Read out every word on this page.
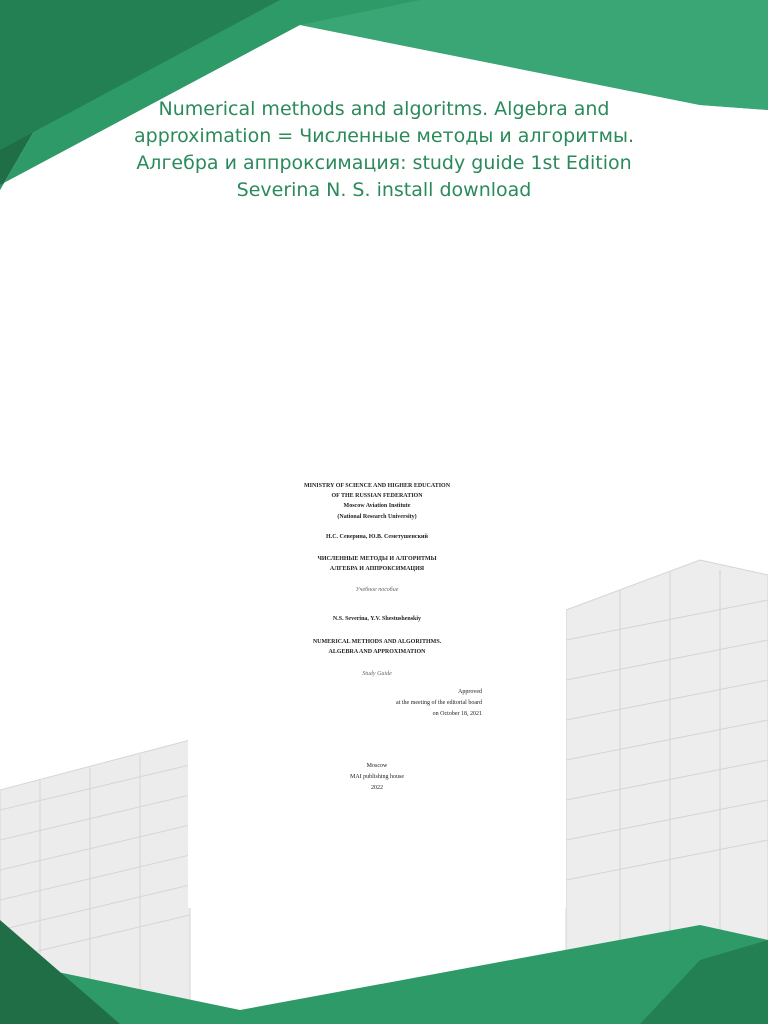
Numerical methods and algoritms. Algebra and
approximation = Численные методы и алгоритмы.
Алгебра и аппроксимация: study guide 1st Edition
Severina N. S. install download
MINISTRY OF SCIENCE AND HIGHER EDUCATION
OF THE RUSSIAN FEDERATION
Moscow Aviation Institute
(National Research University)
Н.С. Северина, Ю.В. Семетушенский
ЧИСЛЕННЫЕ МЕТОДЫ И АЛГОРИТМЫ
АЛГЕБРА И АППРОКСИМАЦИЯ
Учебное пособие
N.S. Severina, Y.V. Shestushenskiy
NUMERICAL METHODS AND ALGORITHMS.
ALGEBRA AND APPROXIMATION
Study Guide
Approved
at the meeting of the editorial board
on October 18, 2021
Moscow
MAI publishing house
2022
